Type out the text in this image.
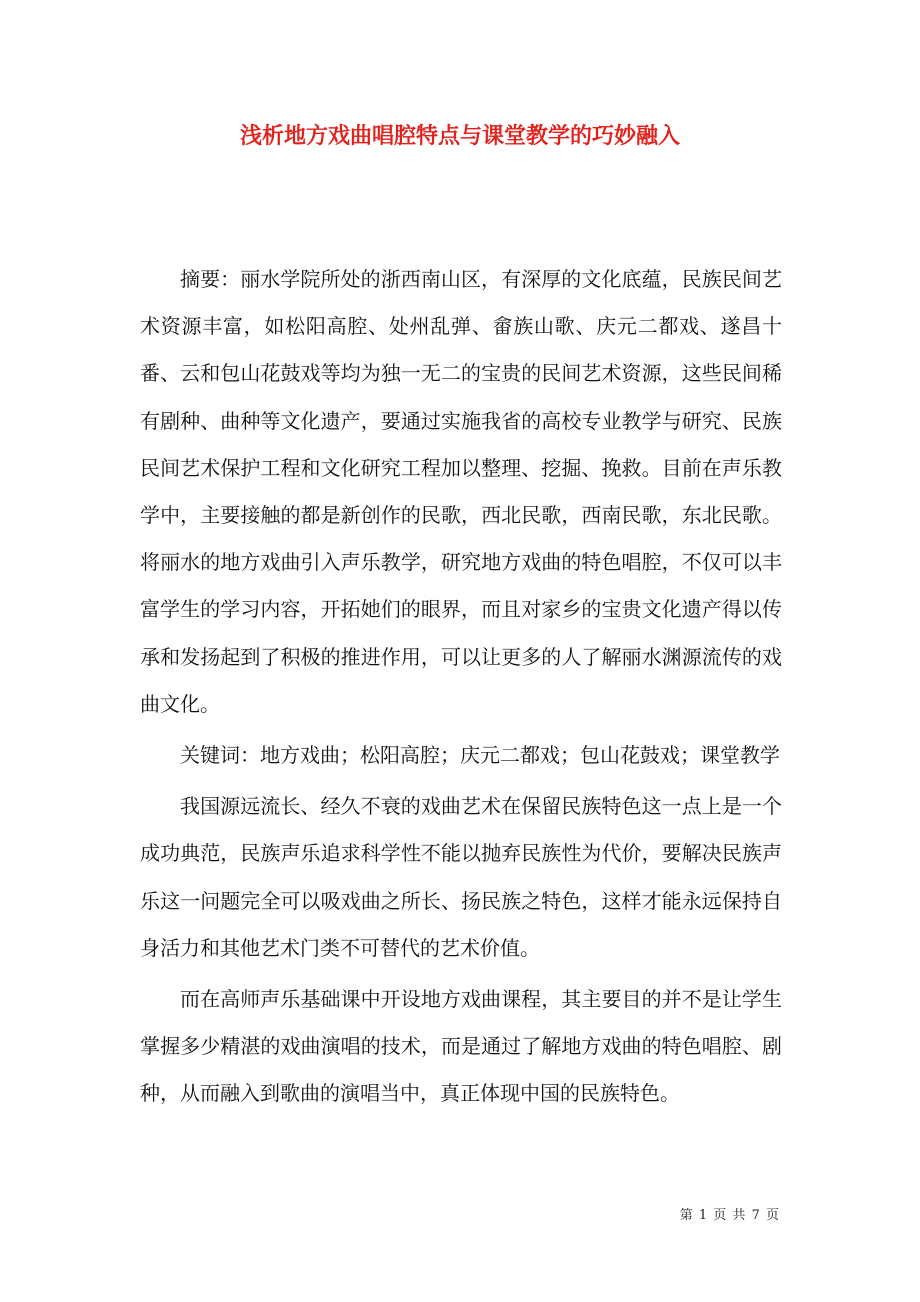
浅析地方戏曲唱腔特点与课堂教学的巧妙融入

摘要：丽水学院所处的浙西南山区，有深厚的文化底蕴，民族民间艺术资源丰富，如松阳高腔、处州乱弹、畲族山歌、庆元二都戏、遂昌十番、云和包山花鼓戏等均为独一无二的宝贵的民间艺术资源，这些民间稀有剧种、曲种等文化遗产，要通过实施我省的高校专业教学与研究、民族民间艺术保护工程和文化研究工程加以整理、挖掘、挽救。目前在声乐教学中，主要接触的都是新创作的民歌，西北民歌，西南民歌，东北民歌。将丽水的地方戏曲引入声乐教学，研究地方戏曲的特色唱腔，不仅可以丰富学生的学习内容，开拓她们的眼界，而且对家乡的宝贵文化遗产得以传承和发扬起到了积极的推进作用，可以让更多的人了解丽水渊源流传的戏曲文化。

关键词：地方戏曲；松阳高腔；庆元二都戏；包山花鼓戏；课堂教学

我国源远流长、经久不衰的戏曲艺术在保留民族特色这一点上是一个成功典范，民族声乐追求科学性不能以抛弃民族性为代价，要解决民族声乐这一问题完全可以吸戏曲之所长、扬民族之特色，这样才能永远保持自身活力和其他艺术门类不可替代的艺术价值。

而在高师声乐基础课中开设地方戏曲课程，其主要目的并不是让学生掌握多少精湛的戏曲演唱的技术，而是通过了解地方戏曲的特色唱腔、剧种，从而融入到歌曲的演唱当中，真正体现中国的民族特色。

第 1 页 共 7 页
